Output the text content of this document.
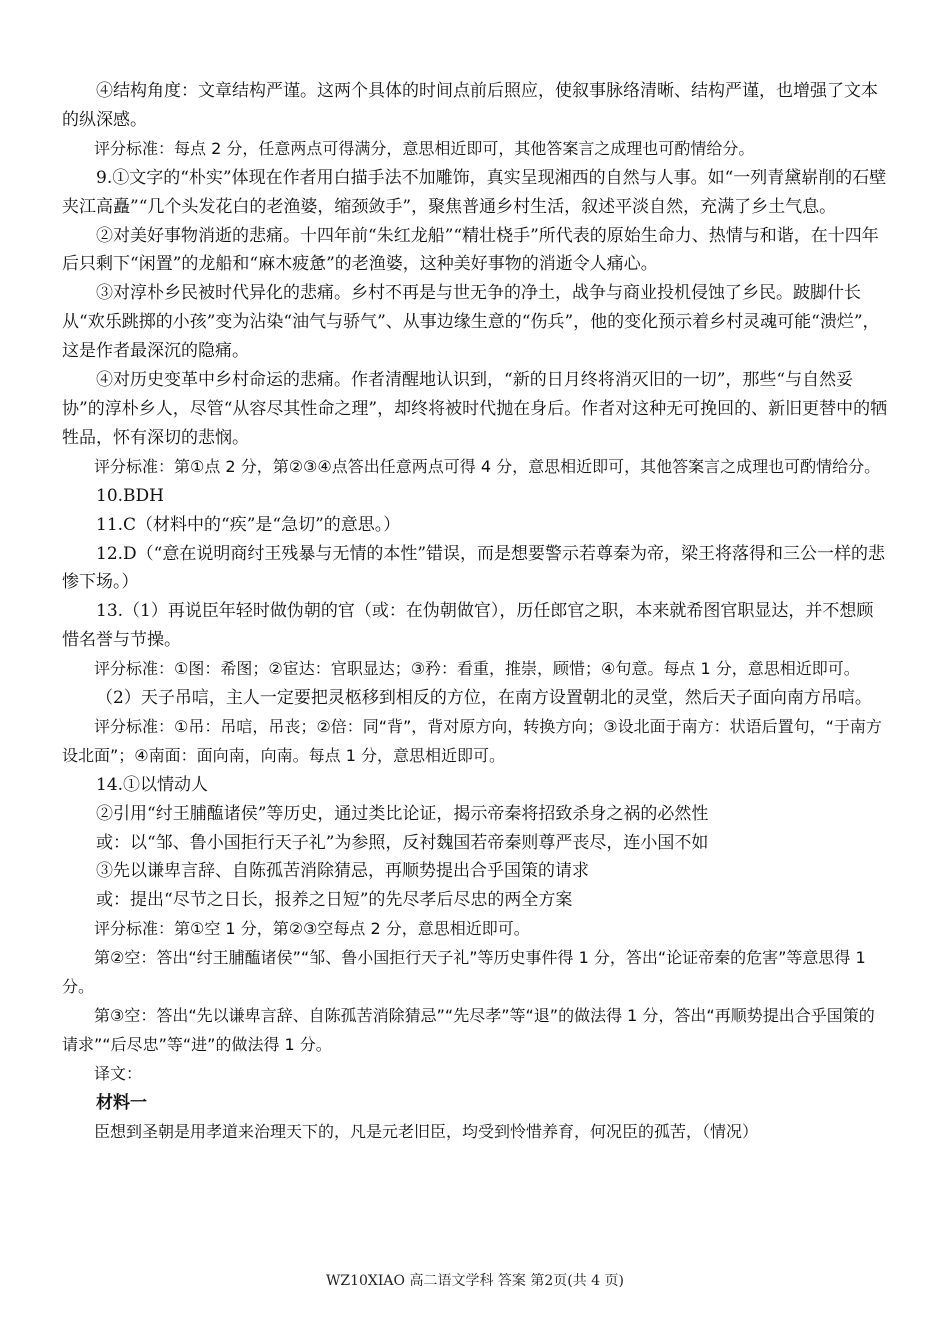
④结构角度：文章结构严谨。这两个具体的时间点前后照应，使叙事脉络清晰、结构严谨，也增强了文本的纵深感。

评分标准：每点 2 分，任意两点可得满分，意思相近即可，其他答案言之成理也可酌情给分。

9.①文字的“朴实”体现在作者用白描手法不加雕饰，真实呈现湘西的自然与人事。如“一列青黛崭削的石壁夹江高矗”“几个头发花白的老渔婆，缩颈敛手”，聚焦普通乡村生活，叙述平淡自然，充满了乡土气息。

②对美好事物消逝的悲痛。十四年前“朱红龙船”“精壮桡手”所代表的原始生命力、热情与和谐，在十四年后只剩下“闲置”的龙船和“麻木疲惫”的老渔婆，这种美好事物的消逝令人痛心。

③对淳朴乡民被时代异化的悲痛。乡村不再是与世无争的净土，战争与商业投机侵蚀了乡民。跛脚什长从“欢乐跳掷的小孩”变为沾染“油气与骄气”、从事边缘生意的“伤兵”，他的变化预示着乡村灵魂可能“溃烂”，这是作者最深沉的隐痛。

④对历史变革中乡村命运的悲痛。作者清醒地认识到，“新的日月终将消灭旧的一切”，那些“与自然妥协”的淳朴乡人，尽管“从容尽其性命之理”，却终将被时代抛在身后。作者对这种无可挽回的、新旧更替中的牺牲品，怀有深切的悲悯。

评分标准：第①点 2 分，第②③④点答出任意两点可得 4 分，意思相近即可，其他答案言之成理也可酌情给分。

10.BDH

11.C（材料中的“疾”是“急切”的意思。）

12.D（“意在说明商纣王残暴与无情的本性”错误，而是想要警示若尊秦为帝，梁王将落得和三公一样的悲惨下场。）

13.（1）再说臣年轻时做伪朝的官（或：在伪朝做官），历任郎官之职，本来就希图官职显达，并不想顾惜名誉与节操。

评分标准：①图：希图；②宦达：官职显达；③矜：看重，推崇，顾惜；④句意。每点 1 分，意思相近即可。

（2）天子吊唁，主人一定要把灵柩移到相反的方位，在南方设置朝北的灵堂，然后天子面向南方吊唁。

评分标准：①吊：吊唁，吊丧；②倍：同“背”，背对原方向，转换方向；③设北面于南方：状语后置句，“于南方设北面”；④南面：面向南，向南。每点 1 分，意思相近即可。

14.①以情动人

②引用“纣王脯醢诸侯”等历史，通过类比论证，揭示帝秦将招致杀身之祸的必然性

或：以“邹、鲁小国拒行天子礼”为参照，反衬魏国若帝秦则尊严丧尽，连小国不如

③先以谦卑言辞、自陈孤苦消除猜忌，再顺势提出合乎国策的请求

或：提出“尽节之日长，报养之日短”的先尽孝后尽忠的两全方案

评分标准：第①空 1 分，第②③空每点 2 分，意思相近即可。

第②空：答出“纣王脯醢诸侯”“邹、鲁小国拒行天子礼”等历史事件得 1 分，答出“论证帝秦的危害”等意思得 1 分。

第③空：答出“先以谦卑言辞、自陈孤苦消除猜忌”“先尽孝”等“退”的做法得 1 分，答出“再顺势提出合乎国策的请求”“后尽忠”等“进”的做法得 1 分。

译文：

材料一

臣想到圣朝是用孝道来治理天下的，凡是元老旧臣，均受到怜惜养育，何况臣的孤苦，（情况）

WZ10XIAO 高二语文学科 答案 第2页(共 4 页)
